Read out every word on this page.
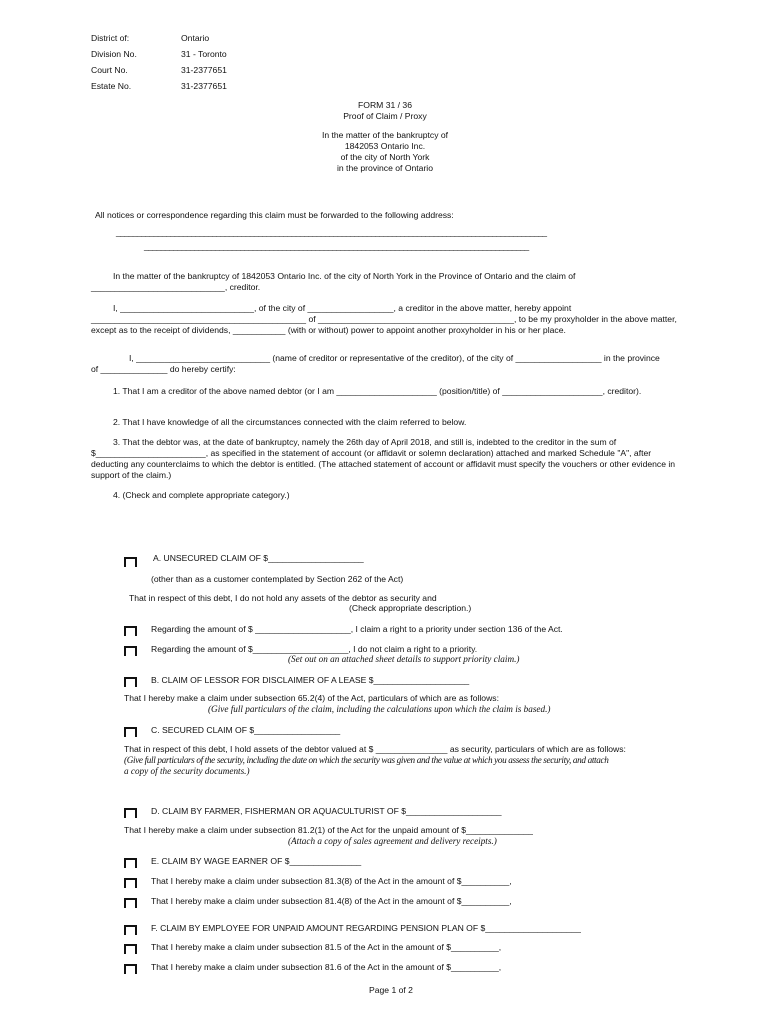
District of:	Ontario
Division No.	31 - Toronto
Court No.	31-2377651
Estate No.	31-2377651
FORM 31 / 36
Proof of Claim / Proxy
In the matter of the bankruptcy of
1842053 Ontario Inc.
of the city of North York
in the province of Ontario
All notices or correspondence regarding this claim must be forwarded to the following address:
_______________________________________________________________________________________________________
____________________________________________________________________________________________
In the matter of the bankruptcy of 1842053 Ontario Inc. of the city of North York in the Province of Ontario and the claim of
____________________________, creditor.
I, ____________________________, of the city of __________________, a creditor in the above matter, hereby appoint
_____________________________________________ of _________________________________________, to be my proxyholder in the above matter,
except as to the receipt of dividends, ___________ (with or without) power to appoint another proxyholder in his or her place.
I, ____________________________ (name of creditor or representative of the creditor), of the city of __________________ in the province
of ______________ do hereby certify:
1. That I am a creditor of the above named debtor (or I am _____________________ (position/title) of _____________________, creditor).
2. That I have knowledge of all the circumstances connected with the claim referred to below.
3. That the debtor was, at the date of bankruptcy, namely the 26th day of April 2018, and still is, indebted to the creditor in the sum of
$_______________________, as specified in the statement of account (or affidavit or solemn declaration) attached and marked Schedule "A", after
deducting any counterclaims to which the debtor is entitled. (The attached statement of account or affidavit must specify the vouchers or other evidence in
support of the claim.)
4. (Check and complete appropriate category.)
A. UNSECURED CLAIM OF $____________________
(other than as a customer contemplated by Section 262 of the Act)
That in respect of this debt, I do not hold any assets of the debtor as security and
(Check appropriate description.)
Regarding the amount of $ ____________________, I claim a right to a priority under section 136 of the Act.
Regarding the amount of $____________________, I do not claim a right to a priority.
(Set out on an attached sheet details to support priority claim.)
B. CLAIM OF LESSOR FOR DISCLAIMER OF A LEASE $____________________
That I hereby make a claim under subsection 65.2(4) of the Act, particulars of which are as follows:
(Give full particulars of the claim, including the calculations upon which the claim is based.)
C. SECURED CLAIM OF $__________________
That in respect of this debt, I hold assets of the debtor valued at $ _______________ as security, particulars of which are as follows:
(Give full particulars of the security, including the date on which the security was given and the value at which you assess the security, and attach
a copy of the security documents.)
D. CLAIM BY FARMER, FISHERMAN OR AQUACULTURIST OF $____________________
That I hereby make a claim under subsection 81.2(1) of the Act for the unpaid amount of $______________
(Attach a copy of sales agreement and delivery receipts.)
E. CLAIM BY WAGE EARNER OF $_______________
That I hereby make a claim under subsection 81.3(8) of the Act in the amount of $__________,
That I hereby make a claim under subsection 81.4(8) of the Act in the amount of $__________,
F. CLAIM BY EMPLOYEE FOR UNPAID AMOUNT REGARDING PENSION PLAN OF $____________________
That I hereby make a claim under subsection 81.5 of the Act in the amount of $__________,
That I hereby make a claim under subsection 81.6 of the Act in the amount of $__________,
Page 1 of 2
